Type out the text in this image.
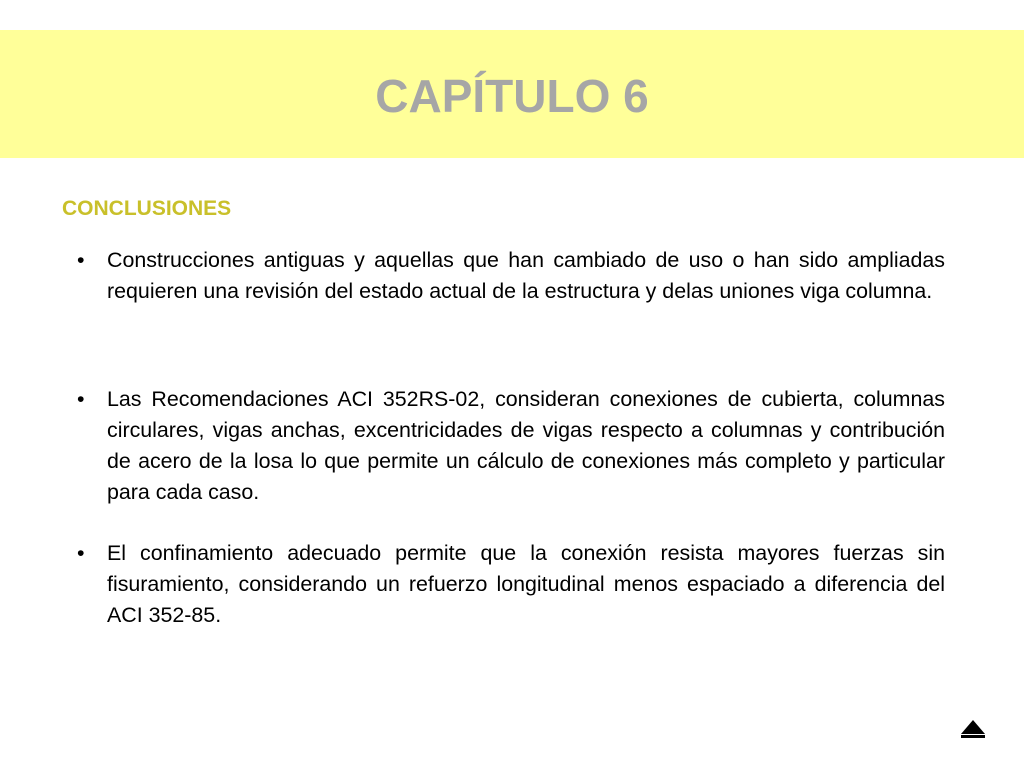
CAPÍTULO 6
CONCLUSIONES
• Construcciones antiguas y aquellas que han cambiado de uso o han sido ampliadas requieren una revisión del estado actual de la estructura y delas uniones viga columna.
• Las Recomendaciones ACI 352RS-02, consideran conexiones de cubierta, columnas circulares, vigas anchas, excentricidades de vigas respecto a columnas y contribución de acero de la losa lo que permite un cálculo de conexiones más completo y particular para cada caso.
• El confinamiento adecuado permite que la conexión resista mayores fuerzas sin fisuramiento, considerando un refuerzo longitudinal menos espaciado a diferencia del ACI 352-85.
